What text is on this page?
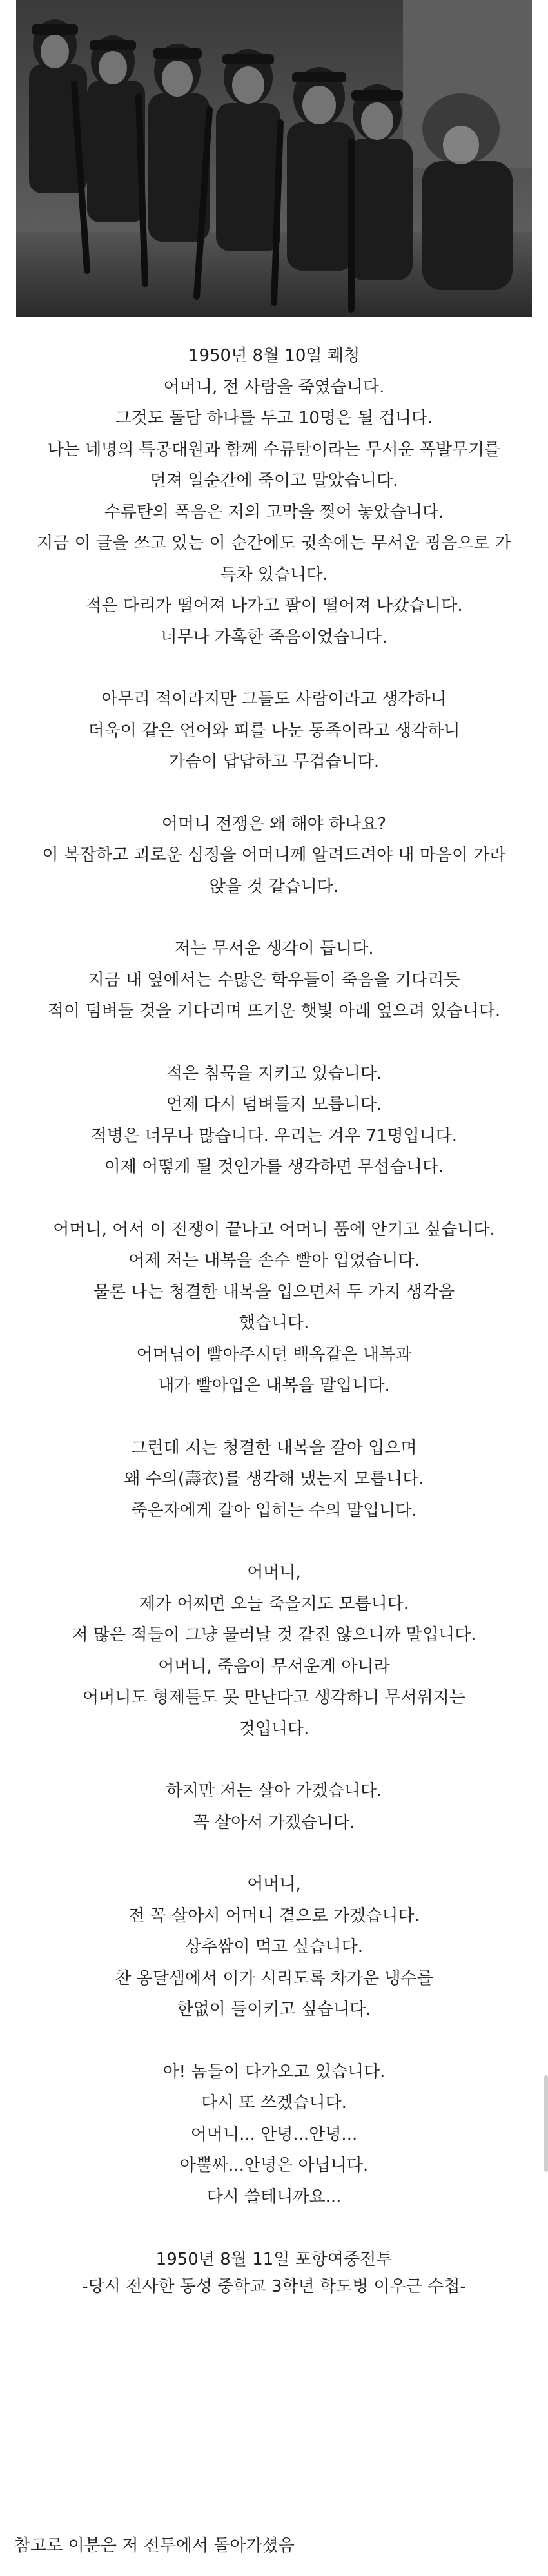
1950년 8월 10일 쾌청

어머니, 전 사람을 죽였습니다.

그것도 돌담 하나를 두고 10명은 될 겁니다.

나는 네명의 특공대원과 함께 수류탄이라는 무서운 폭발무기를

던져 일순간에 죽이고 말았습니다.

수류탄의 폭음은 저의 고막을 찢어 놓았습니다.

지금 이 글을 쓰고 있는 이 순간에도 귓속에는 무서운 굉음으로 가

득차 있습니다.

적은 다리가 떨어져 나가고 팔이 떨어져 나갔습니다.

너무나 가혹한 죽음이었습니다.

아무리 적이라지만 그들도 사람이라고 생각하니

더욱이 같은 언어와 피를 나눈 동족이라고 생각하니

가슴이 답답하고 무겁습니다.

어머니 전쟁은 왜 해야 하나요?

이 복잡하고 괴로운 심정을 어머니께 알려드려야 내 마음이 가라

앉을 것 같습니다.

저는 무서운 생각이 듭니다.

지금 내 옆에서는 수많은 학우들이 죽음을 기다리듯

적이 덤벼들 것을 기다리며 뜨거운 햇빛 아래 엎으려 있습니다.

적은 침묵을 지키고 있습니다.

언제 다시 덤벼들지 모릅니다.

적병은 너무나 많습니다. 우리는 겨우 71명입니다.

이제 어떻게 될 것인가를 생각하면 무섭습니다.

어머니, 어서 이 전쟁이 끝나고 어머니 품에 안기고 싶습니다.

어제 저는 내복을 손수 빨아 입었습니다.

물론 나는 청결한 내복을 입으면서 두 가지 생각을

했습니다.

어머님이 빨아주시던 백옥같은 내복과

내가 빨아입은 내복을 말입니다.

그런데 저는 청결한 내복을 갈아 입으며

왜 수의(壽衣)를 생각해 냈는지 모릅니다.

죽은자에게 갈아 입히는 수의 말입니다.

어머니,

제가 어쩌면 오늘 죽을지도 모릅니다.

저 많은 적들이 그냥 물러날 것 같진 않으니까 말입니다.

어머니, 죽음이 무서운게 아니라

어머니도 형제들도 못 만난다고 생각하니 무서워지는

것입니다.

하지만 저는 살아 가겠습니다.

꼭 살아서 가겠습니다.

어머니,

전 꼭 살아서 어머니 곁으로 가겠습니다.

상추쌈이 먹고 싶습니다.

찬 옹달샘에서 이가 시리도록 차가운 냉수를

한없이 들이키고 싶습니다.

아! 놈들이 다가오고 있습니다.

다시 또 쓰겠습니다.

어머니... 안녕...안녕...

아뿔싸...안녕은 아닙니다.

다시 쓸테니까요...

1950년 8월 11일 포항여중전투

-당시 전사한 동성 중학교 3학년 학도병 이우근 수첩-

참고로 이분은 저 전투에서 돌아가셨음
